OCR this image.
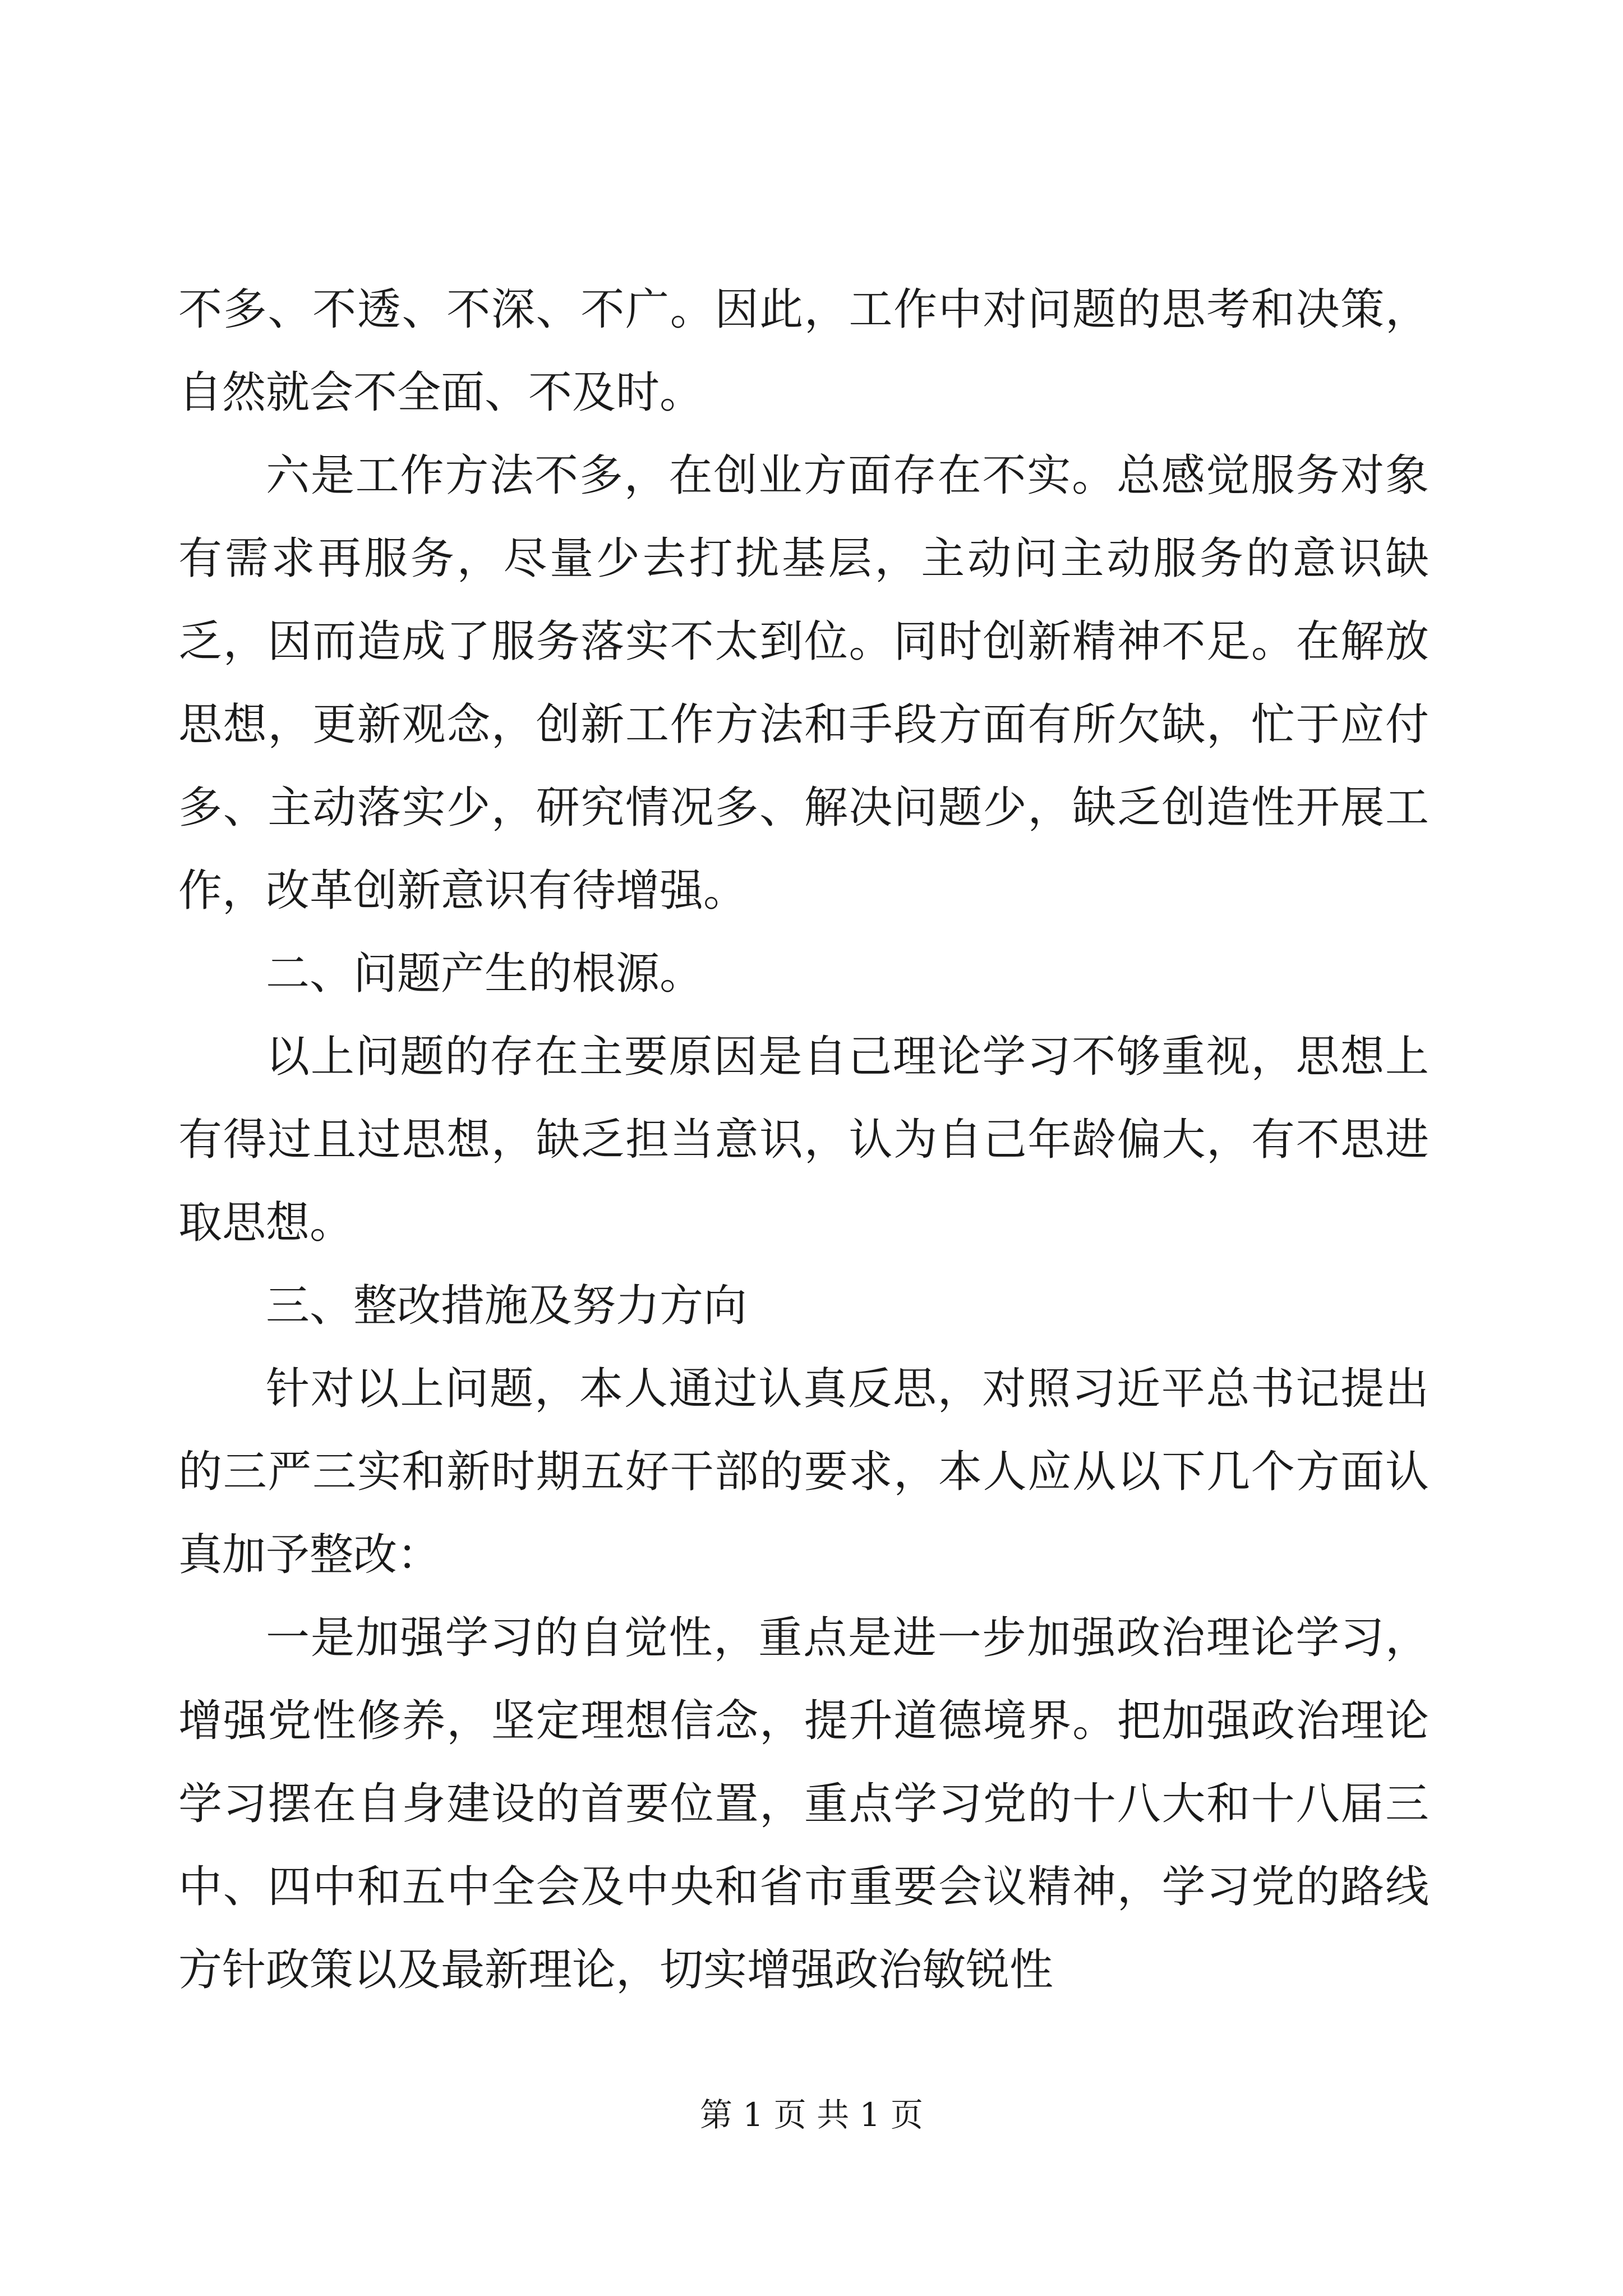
不多、不透、不深、不广。因此，工作中对问题的思考和决策，自然就会不全面、不及时。

六是工作方法不多，在创业方面存在不实。总感觉服务对象有需求再服务，尽量少去打扰基层，主动问主动服务的意识缺乏，因而造成了服务落实不太到位。同时创新精神不足。在解放思想，更新观念，创新工作方法和手段方面有所欠缺，忙于应付多、主动落实少，研究情况多、解决问题少，缺乏创造性开展工作，改革创新意识有待增强。

二、问题产生的根源。

以上问题的存在主要原因是自己理论学习不够重视，思想上有得过且过思想，缺乏担当意识，认为自己年龄偏大，有不思进取思想。

三、整改措施及努力方向

针对以上问题，本人通过认真反思，对照习近平总书记提出的三严三实和新时期五好干部的要求，本人应从以下几个方面认真加予整改：

一是加强学习的自觉性，重点是进一步加强政治理论学习，增强党性修养，坚定理想信念，提升道德境界。把加强政治理论学习摆在自身建设的首要位置，重点学习党的十八大和十八届三中、四中和五中全会及中央和省市重要会议精神，学习党的路线方针政策以及最新理论，切实增强政治敏锐性

第 1 页 共 1 页
